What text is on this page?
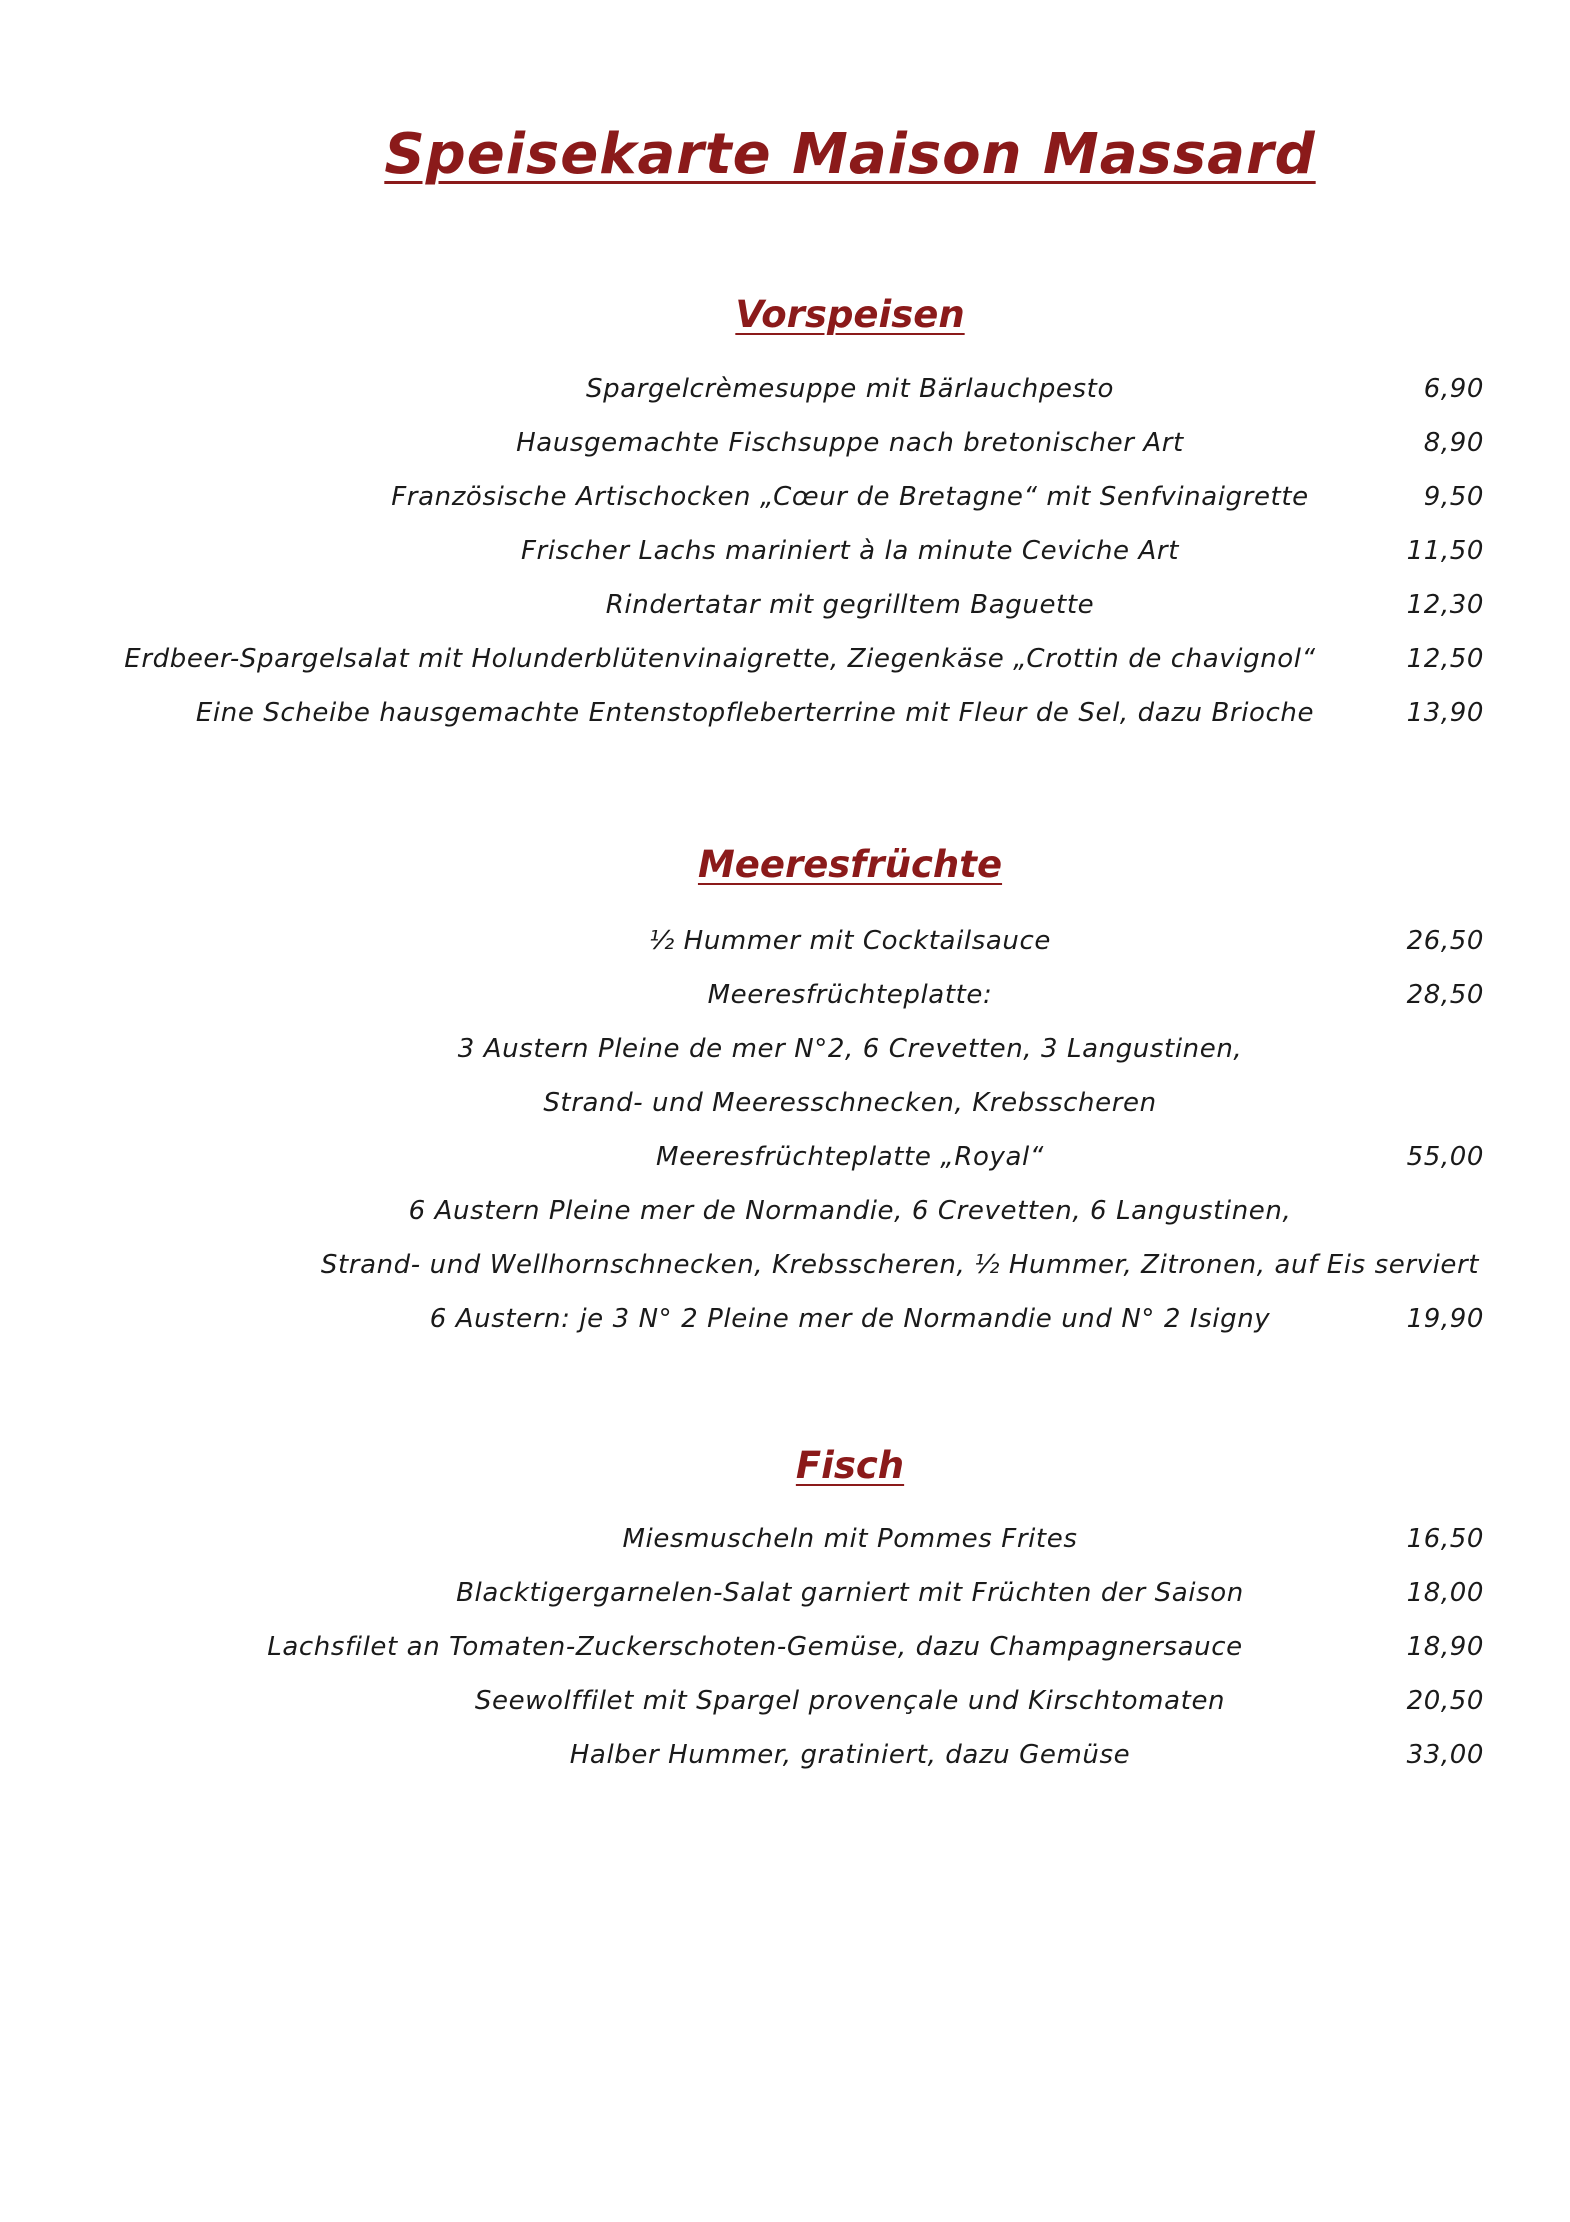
Speisekarte Maison Massard
Vorspeisen
Spargelcrèmesuppe mit Bärlauchpesto	6,90
Hausgemachte Fischsuppe nach bretonischer Art	8,90
Französische Artischocken „Cœur de Bretagne“ mit Senfvinaigrette	9,50
Frischer Lachs mariniert à la minute Ceviche Art	11,50
Rindertatar mit gegrilltem Baguette	12,30
Erdbeer-Spargelsalat mit Holunderblütenvinaigrette, Ziegenkäse „Crottin de chavignol“	12,50
Eine Scheibe hausgemachte Entenstopfleberterrine mit Fleur de Sel, dazu Brioche	13,90
Meeresfrüchte
½ Hummer mit Cocktailsauce	26,50
Meeresfrüchteplatte:	28,50
3 Austern Pleine de mer N°2, 6 Crevetten, 3 Langustinen,
Strand- und Meeresschnecken, Krebsscheren
Meeresfrüchteplatte „Royal“	55,00
6 Austern Pleine mer de Normandie, 6 Crevetten, 6 Langustinen,
Strand- und Wellhornschnecken, Krebsscheren, ½ Hummer, Zitronen, auf Eis serviert
6 Austern: je 3 N° 2 Pleine mer de Normandie und N° 2 Isigny	19,90
Fisch
Miesmuscheln mit Pommes Frites	16,50
Blacktigergarnelen-Salat garniert mit Früchten der Saison	18,00
Lachsfilet an Tomaten-Zuckerschoten-Gemüse, dazu Champagnersauce	18,90
Seewolffilet mit Spargel provençale und Kirschtomaten	20,50
Halber Hummer, gratiniert, dazu Gemüse	33,00
